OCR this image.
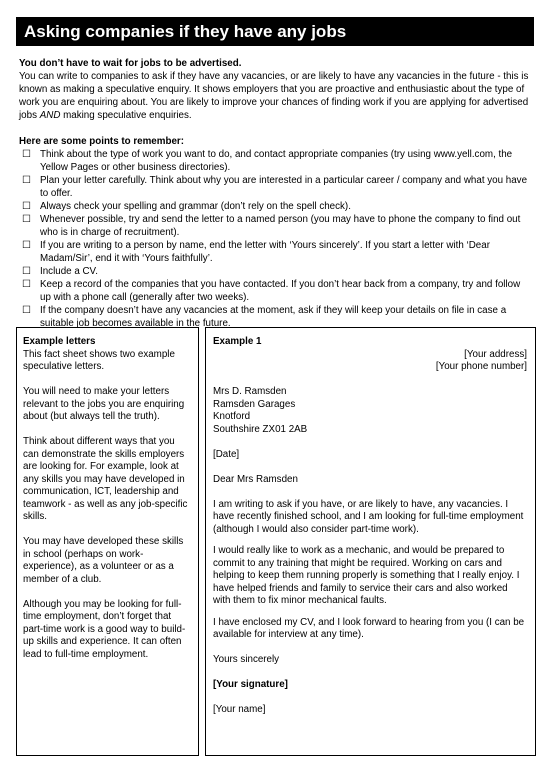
Asking companies if they have any jobs

You don’t have to wait for jobs to be advertised.

You can write to companies to ask if they have any vacancies, or are likely to have any vacancies in the future - this is known as making a speculative enquiry. It shows employers that you are proactive and enthusiastic about the type of work you are enquiring about. You are likely to improve your chances of finding work if you are applying for advertised jobs AND making speculative enquiries.

Here are some points to remember:

☐ Think about the type of work you want to do, and contact appropriate companies (try using www.yell.com, the Yellow Pages or other business directories).
☐ Plan your letter carefully. Think about why you are interested in a particular career / company and what you have to offer.
☐ Always check your spelling and grammar (don’t rely on the spell check).
☐ Whenever possible, try and send the letter to a named person (you may have to phone the company to find out who is in charge of recruitment).
☐ If you are writing to a person by name, end the letter with ‘Yours sincerely’. If you start a letter with ‘Dear Madam/Sir’, end it with ‘Yours faithfully’.
☐ Include a CV.
☐ Keep a record of the companies that you have contacted. If you don’t hear back from a company, try and follow up with a phone call (generally after two weeks).
☐ If the company doesn’t have any vacancies at the moment, ask if they will keep your details on file in case a suitable job becomes available in the future.

Example letters

This fact sheet shows two example speculative letters.

You will need to make your letters relevant to the jobs you are enquiring about (but always tell the truth).

Think about different ways that you can demonstrate the skills employers are looking for. For example, look at any skills you may have developed in communication, ICT, leadership and teamwork - as well as any job-specific skills.

You may have developed these skills in school (perhaps on work-experience), as a volunteer or as a member of a club.

Although you may be looking for full-time employment, don’t forget that part-time work is a good way to build-up skills and experience. It can often lead to full-time employment.

Example 1

[Your address]

[Your phone number]

Mrs D. Ramsden

Ramsden Garages

Knotford

Southshire ZX01 2AB

[Date]

Dear Mrs Ramsden

I am writing to ask if you have, or are likely to have, any vacancies. I have recently finished school, and I am looking for full-time employment (although I would also consider part-time work).

I would really like to work as a mechanic, and would be prepared to commit to any training that might be required. Working on cars and helping to keep them running properly is something that I really enjoy. I have helped friends and family to service their cars and also worked with them to fix minor mechanical faults.

I have enclosed my CV, and I look forward to hearing from you (I can be available for interview at any time).

Yours sincerely

[Your signature]

[Your name]
